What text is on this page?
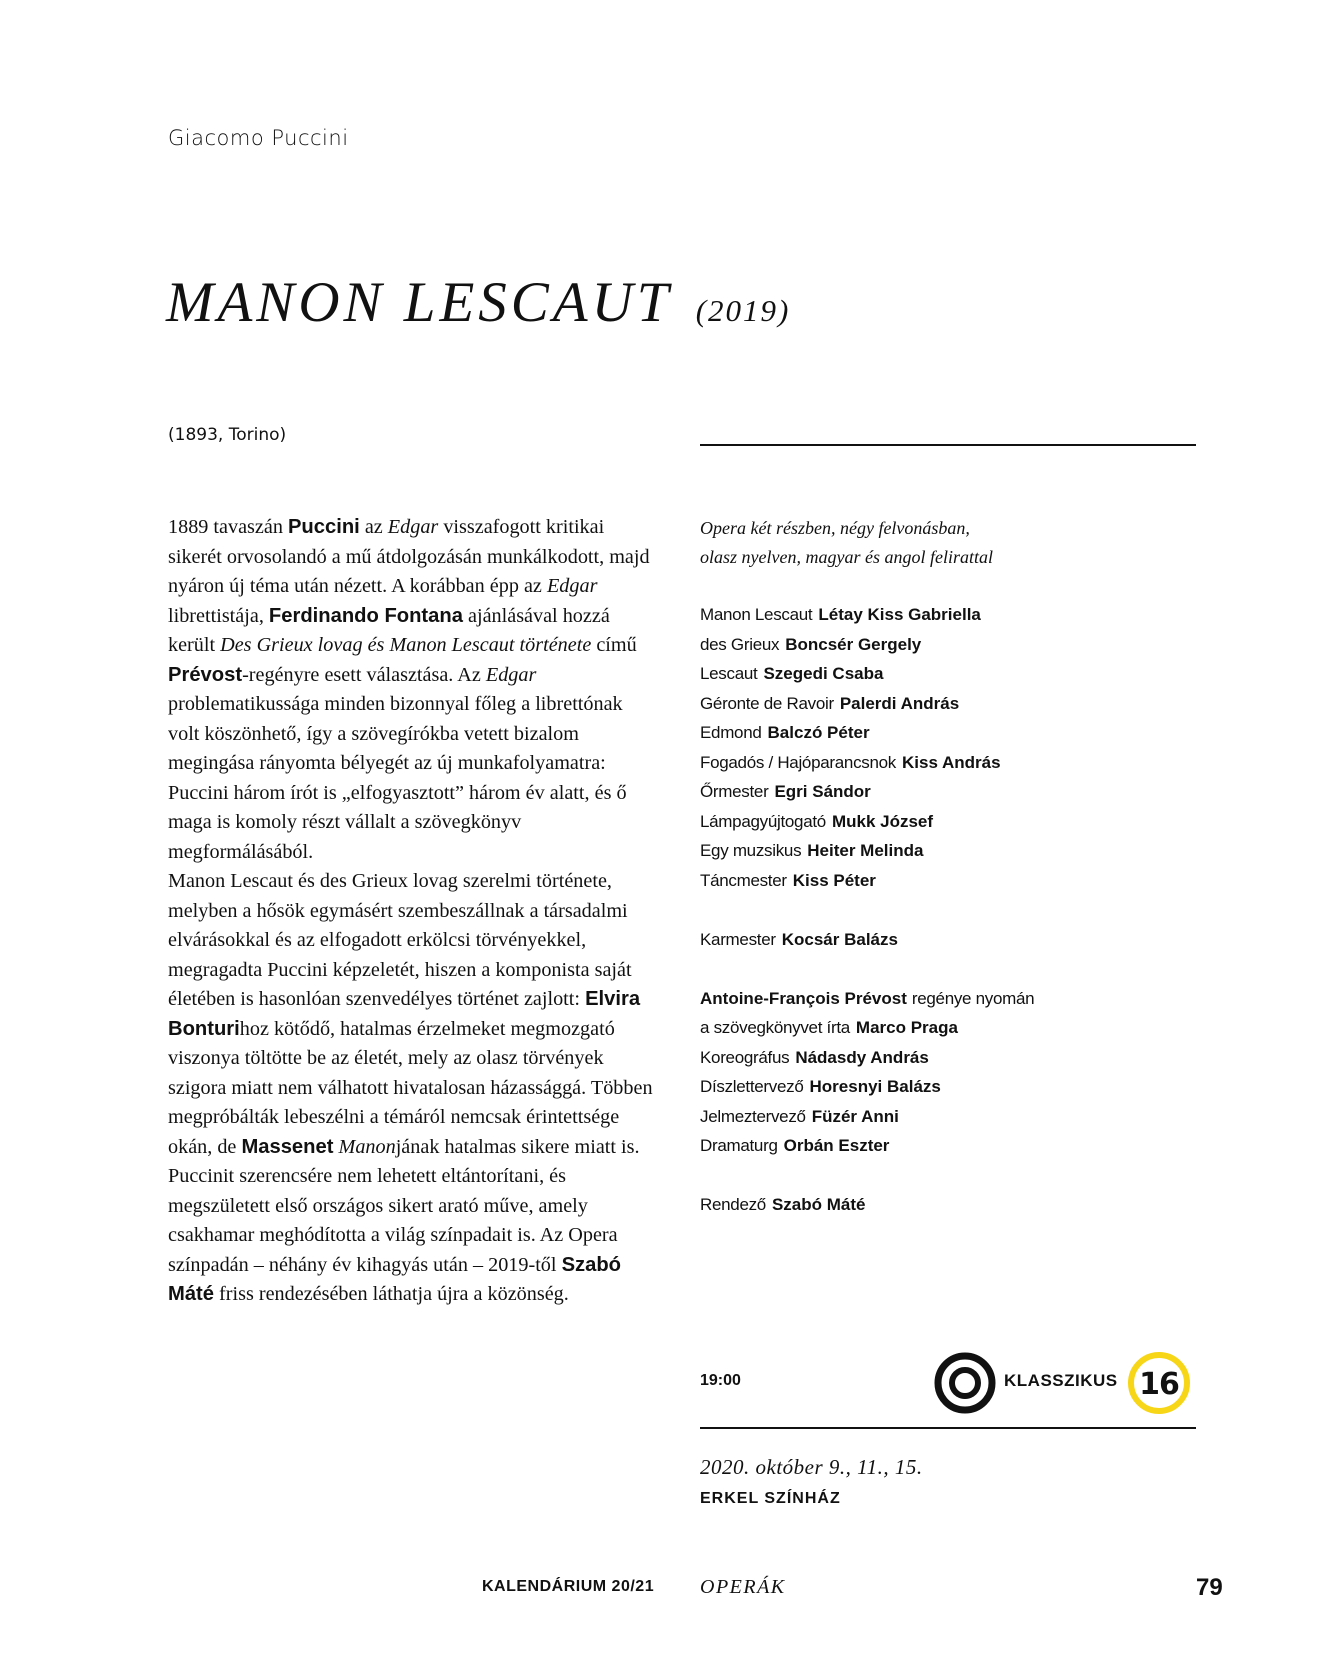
Giacomo Puccini
MANON LESCAUT (2019)
(1893, Torino)

1889 tavaszán Puccini az Edgar visszafogott kritikai sikerét orvosolandó a mű átdolgozásán munkálkodott, majd nyáron új téma után nézett. A korábban épp az Edgar librettistája, Ferdinando Fontana ajánlásával hozzá került Des Grieux lovag és Manon Lescaut története című Prévost-regényre esett választása. Az Edgar problematikussága minden bizonnyal főleg a librettónak volt köszönhető, így a szövegírókba vetett bizalom megingása rányomta bélyegét az új munkafolyamatra: Puccini három írót is „elfogyasztott” három év alatt, és ő maga is komoly részt vállalt a szövegkönyv megformálásából.

Manon Lescaut és des Grieux lovag szerelmi története, melyben a hősök egymásért szembeszállnak a társadalmi elvárásokkal és az elfogadott erkölcsi törvényekkel, megragadta Puccini képzeletét, hiszen a komponista saját életében is hasonlóan szenvedélyes történet zajlott: Elvira Bonturihoz kötődő, hatalmas érzelmeket megmozgató viszonya töltötte be az életét, mely az olasz törvények szigora miatt nem válhatott hivatalosan házassággá. Többen megpróbálták lebeszélni a témáról nemcsak érintettsége okán, de Massenet Manonjának hatalmas sikere miatt is. Puccinit szerencsére nem lehetett eltántorítani, és megszületett első országos sikert arató műve, amely csakhamar meghódította a világ színpadait is. Az Opera színpadán – néhány év kihagyás után – 2019-től Szabó Máté friss rendezésében láthatja újra a közönség.

Opera két részben, négy felvonásban,
olasz nyelven, magyar és angol felirattal
Manon Lescaut Létay Kiss Gabriella
des Grieux Boncsér Gergely
Lescaut Szegedi Csaba
Géronte de Ravoir Palerdi András
Edmond Balczó Péter
Fogadós / Hajóparancsnok Kiss András
Őrmester Egri Sándor
Lámpagyújtogató Mukk József
Egy muzsikus Heiter Melinda
Táncmester Kiss Péter
Karmester Kocsár Balázs
Antoine-François Prévost regénye nyomán
a szövegkönyvet írta Marco Praga
Koreográfus Nádasdy András
Díszlettervező Horesnyi Balázs
Jelmeztervező Füzér Anni
Dramaturg Orbán Eszter
Rendező Szabó Máté
19:00	KLASSZIKUS 16
2020. október 9., 11., 15.
ERKEL SZÍNHÁZ
KALENDÁRIUM 20/21 OPERÁK	79
